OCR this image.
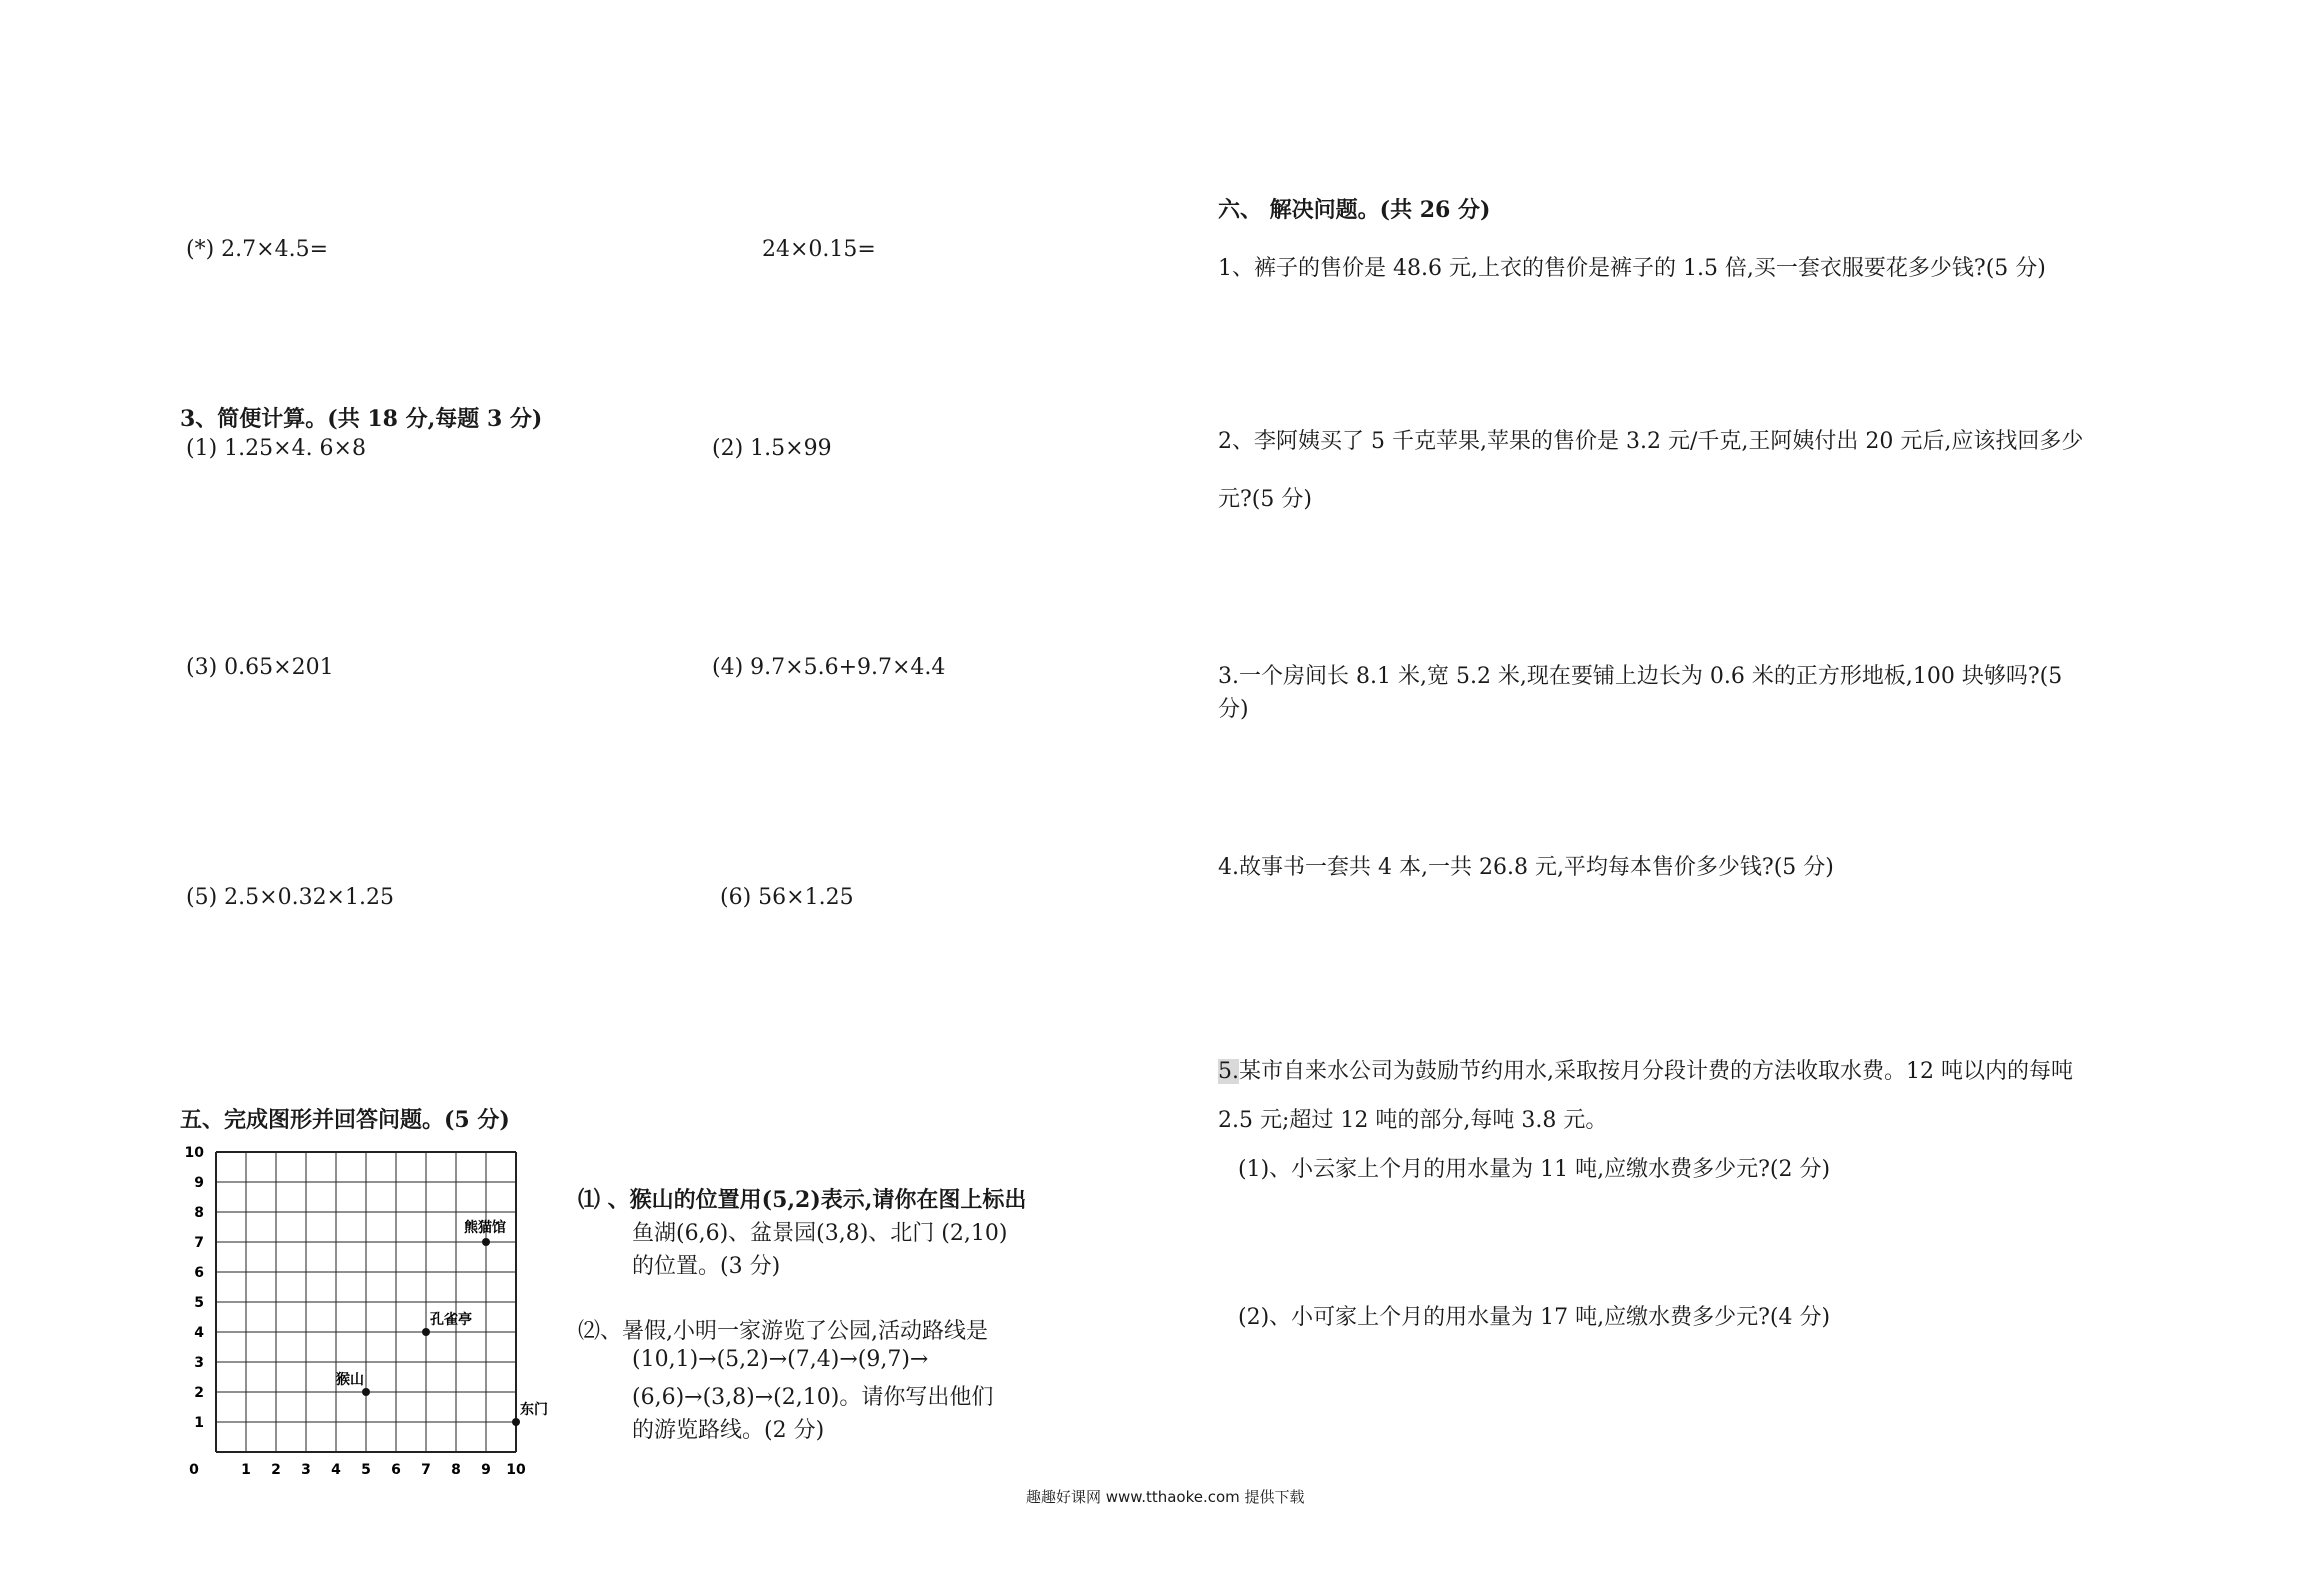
(*) 2.7×4.5=	24×0.15=
3、简便计算。(共 18 分,每题 3 分)
(1) 1.25×4. 6×8	(2) 1.5×99
(3) 0.65×201	(4) 9.7×5.6+9.7×4.4
(5) 2.5×0.32×1.25	(6) 56×1.25
五、完成图形并回答问题。(5 分)
0	1 2 3 4 5 6 7 8 9 10
1
2
3
4
5
6
7
8
9
10
猴山
孔雀亭
熊猫馆
东门
⑴ 、猴山的位置用(5,2)表示,请你在图上标出
鱼湖(6,6)、盆景园(3,8)、北门 (2,10)
的位置。(3 分)
⑵、暑假,小明一家游览了公园,活动路线是
(10,1)→(5,2)→(7,4)→(9,7)→
(6,6)→(3,8)→(2,10)。请你写出他们
的游览路线。(2 分)
六、 解决问题。(共 26 分)
1、裤子的售价是 48.6 元,上衣的售价是裤子的 1.5 倍,买一套衣服要花多少钱?(5 分)
2、李阿姨买了 5 千克苹果,苹果的售价是 3.2 元/千克,王阿姨付出 20 元后,应该找回多少
元?(5 分)
3.一个房间长 8.1 米,宽 5.2 米,现在要铺上边长为 0.6 米的正方形地板,100 块够吗?(5
分)
4.故事书一套共 4 本,一共 26.8 元,平均每本售价多少钱?(5 分)
5.某市自来水公司为鼓励节约用水,采取按月分段计费的方法收取水费。12 吨以内的每吨
2.5 元;超过 12 吨的部分,每吨 3.8 元。
(1)、小云家上个月的用水量为 11 吨,应缴水费多少元?(2 分)
(2)、小可家上个月的用水量为 17 吨,应缴水费多少元?(4 分)
趣趣好课网 www.tthaoke.com 提供下载
